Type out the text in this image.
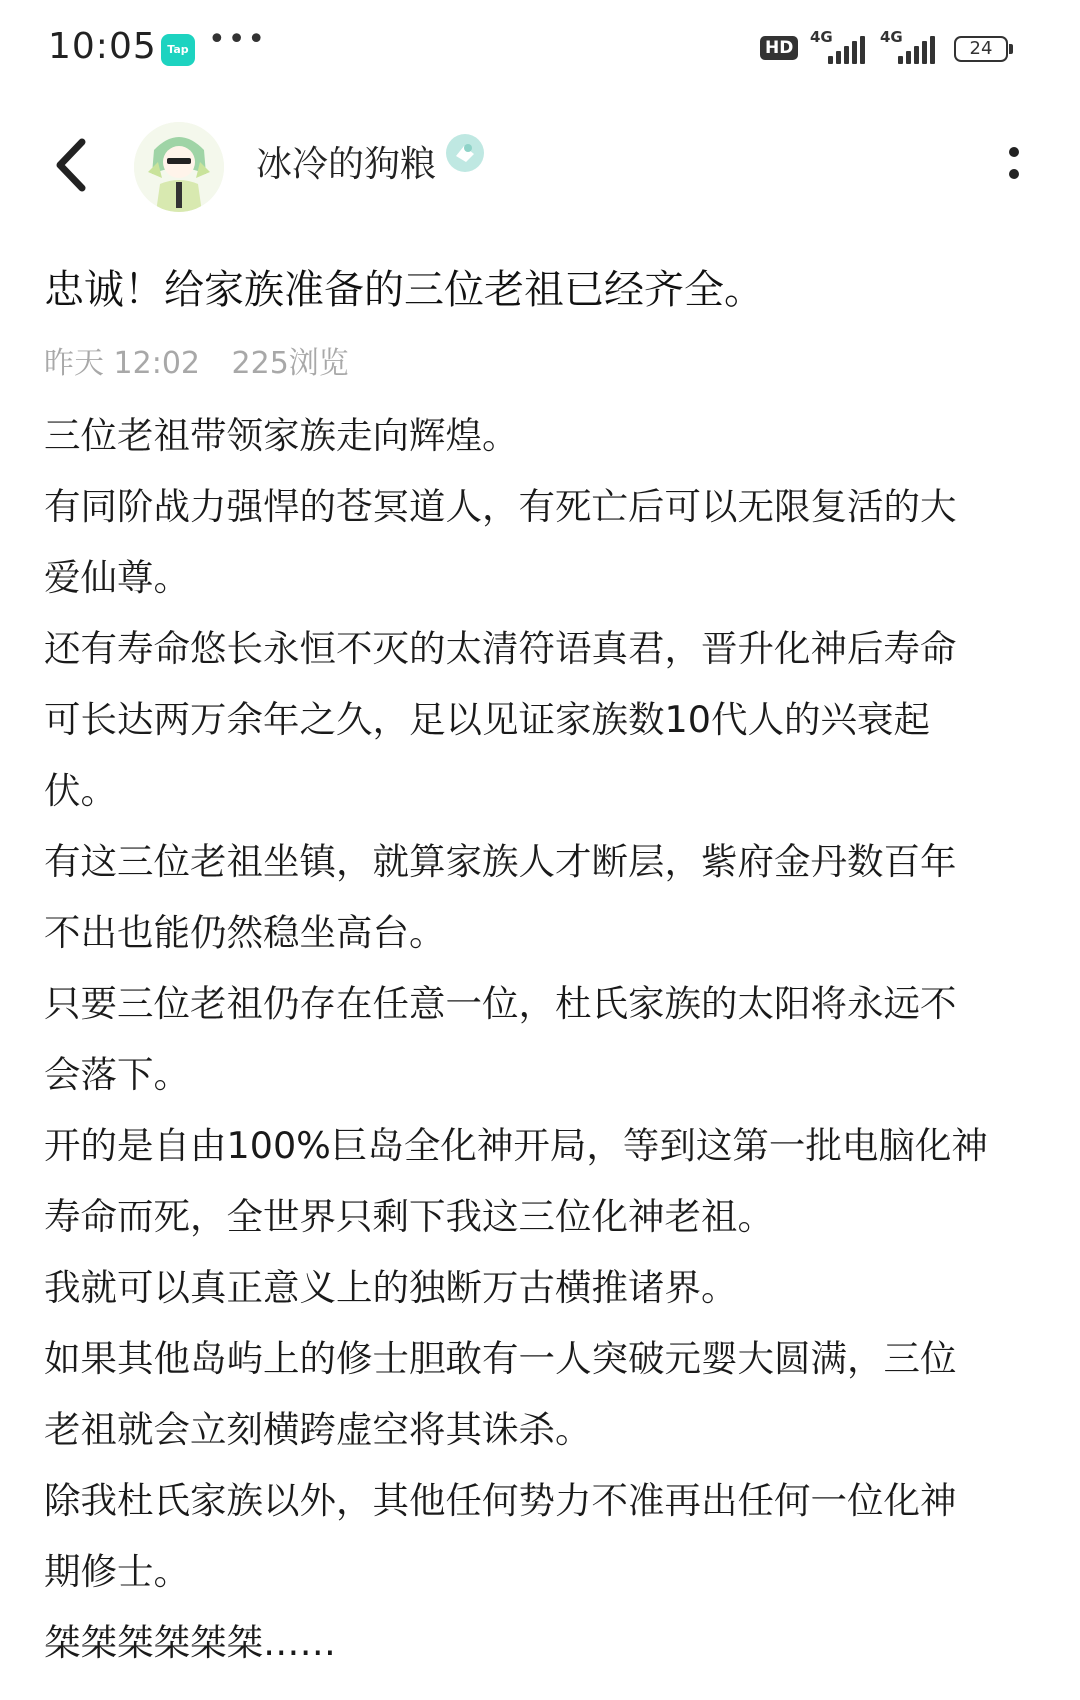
10:05 Tap •••	HD
4G	4G
24
冰冷的狗粮
忠诚！给家族准备的三位老祖已经齐全。
昨天 12:02 225浏览

三位老祖带领家族走向辉煌。

有同阶战力强悍的苍冥道人，有死亡后可以无限复活的大

爱仙尊。

还有寿命悠长永恒不灭的太清符语真君，晋升化神后寿命

可长达两万余年之久，足以见证家族数10代人的兴衰起

伏。

有这三位老祖坐镇，就算家族人才断层，紫府金丹数百年

不出也能仍然稳坐高台。

只要三位老祖仍存在任意一位，杜氏家族的太阳将永远不

会落下。

开的是自由100%巨岛全化神开局，等到这第一批电脑化神

寿命而死，全世界只剩下我这三位化神老祖。

我就可以真正意义上的独断万古横推诸界。

如果其他岛屿上的修士胆敢有一人突破元婴大圆满，三位

老祖就会立刻横跨虚空将其诛杀。

除我杜氏家族以外，其他任何势力不准再出任何一位化神

期修士。

桀桀桀桀桀桀……
